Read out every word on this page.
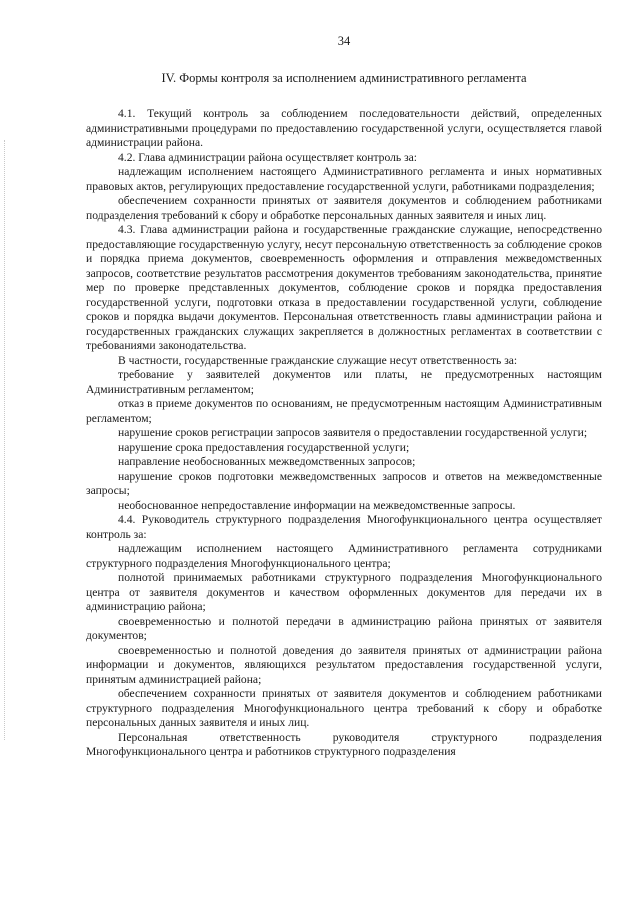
34
IV. Формы контроля за исполнением административного регламента

4.1. Текущий контроль за соблюдением последовательности действий, определенных административными процедурами по предоставлению государственной услуги, осуществляется главой администрации района.

4.2. Глава администрации района осуществляет контроль за:

надлежащим исполнением настоящего Административного регламента и иных нормативных правовых актов, регулирующих предоставление государственной услуги, работниками подразделения;

обеспечением сохранности принятых от заявителя документов и соблюдением работниками подразделения требований к сбору и обработке персональных данных заявителя и иных лиц.

4.3. Глава администрации района и государственные гражданские служащие, непосредственно предоставляющие государственную услугу, несут персональную ответственность за соблюдение сроков и порядка приема документов, своевременность оформления и отправления межведомственных запросов, соответствие результатов рассмотрения документов требованиям законодательства, принятие мер по проверке представленных документов, соблюдение сроков и порядка предоставления государственной услуги, подготовки отказа в предоставлении государственной услуги, соблюдение сроков и порядка выдачи документов. Персональная ответственность главы администрации района и государственных гражданских служащих закрепляется в должностных регламентах в соответствии с требованиями законодательства.

В частности, государственные гражданские служащие несут ответственность за:

требование у заявителей документов или платы, не предусмотренных настоящим Административным регламентом;

отказ в приеме документов по основаниям, не предусмотренным настоящим Административным регламентом;

нарушение сроков регистрации запросов заявителя о предоставлении государственной услуги;

нарушение срока предоставления государственной услуги;

направление необоснованных межведомственных запросов;

нарушение сроков подготовки межведомственных запросов и ответов на межведомственные запросы;

необоснованное непредоставление информации на межведомственные запросы.

4.4. Руководитель структурного подразделения Многофункционального центра осуществляет контроль за:

надлежащим исполнением настоящего Административного регламента сотрудниками структурного подразделения Многофункционального центра;

полнотой принимаемых работниками структурного подразделения Многофункционального центра от заявителя документов и качеством оформленных документов для передачи их в администрацию района;

своевременностью и полнотой передачи в администрацию района принятых от заявителя документов;

своевременностью и полнотой доведения до заявителя принятых от администрации района информации и документов, являющихся результатом предоставления государственной услуги, принятым администрацией района;

обеспечением сохранности принятых от заявителя документов и соблюдением работниками структурного подразделения Многофункционального центра требований к сбору и обработке персональных данных заявителя и иных лиц.

Персональная ответственность руководителя структурного подразделения Многофункционального центра и работников структурного подразделения
